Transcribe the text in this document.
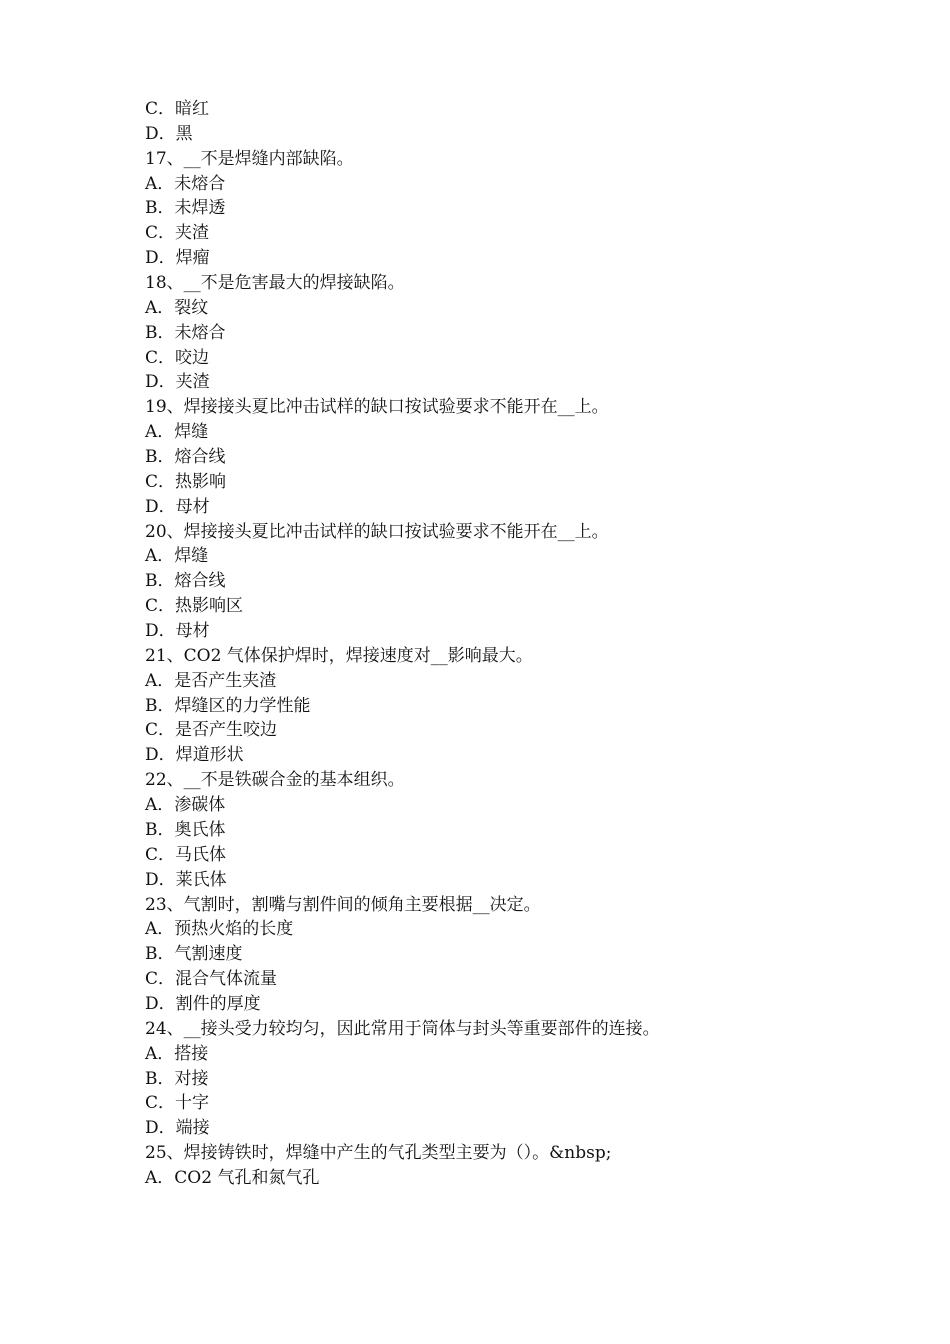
C．暗红
D．黑
17、__不是焊缝内部缺陷。
A．未熔合
B．未焊透
C．夹渣
D．焊瘤
18、__不是危害最大的焊接缺陷。
A．裂纹
B．未熔合
C．咬边
D．夹渣
19、焊接接头夏比冲击试样的缺口按试验要求不能开在__上。
A．焊缝
B．熔合线
C．热影响
D．母材
20、焊接接头夏比冲击试样的缺口按试验要求不能开在__上。
A．焊缝
B．熔合线
C．热影响区
D．母材
21、CO2 气体保护焊时，焊接速度对__影响最大。
A．是否产生夹渣
B．焊缝区的力学性能
C．是否产生咬边
D．焊道形状
22、__不是铁碳合金的基本组织。
A．渗碳体
B．奥氏体
C．马氏体
D．莱氏体
23、气割时，割嘴与割件间的倾角主要根据__决定。
A．预热火焰的长度
B．气割速度
C．混合气体流量
D．割件的厚度
24、__接头受力较均匀，因此常用于筒体与封头等重要部件的连接。
A．搭接
B．对接
C．十字
D．端接
25、焊接铸铁时，焊缝中产生的气孔类型主要为（）。&nbsp;
A．CO2 气孔和氮气孔
